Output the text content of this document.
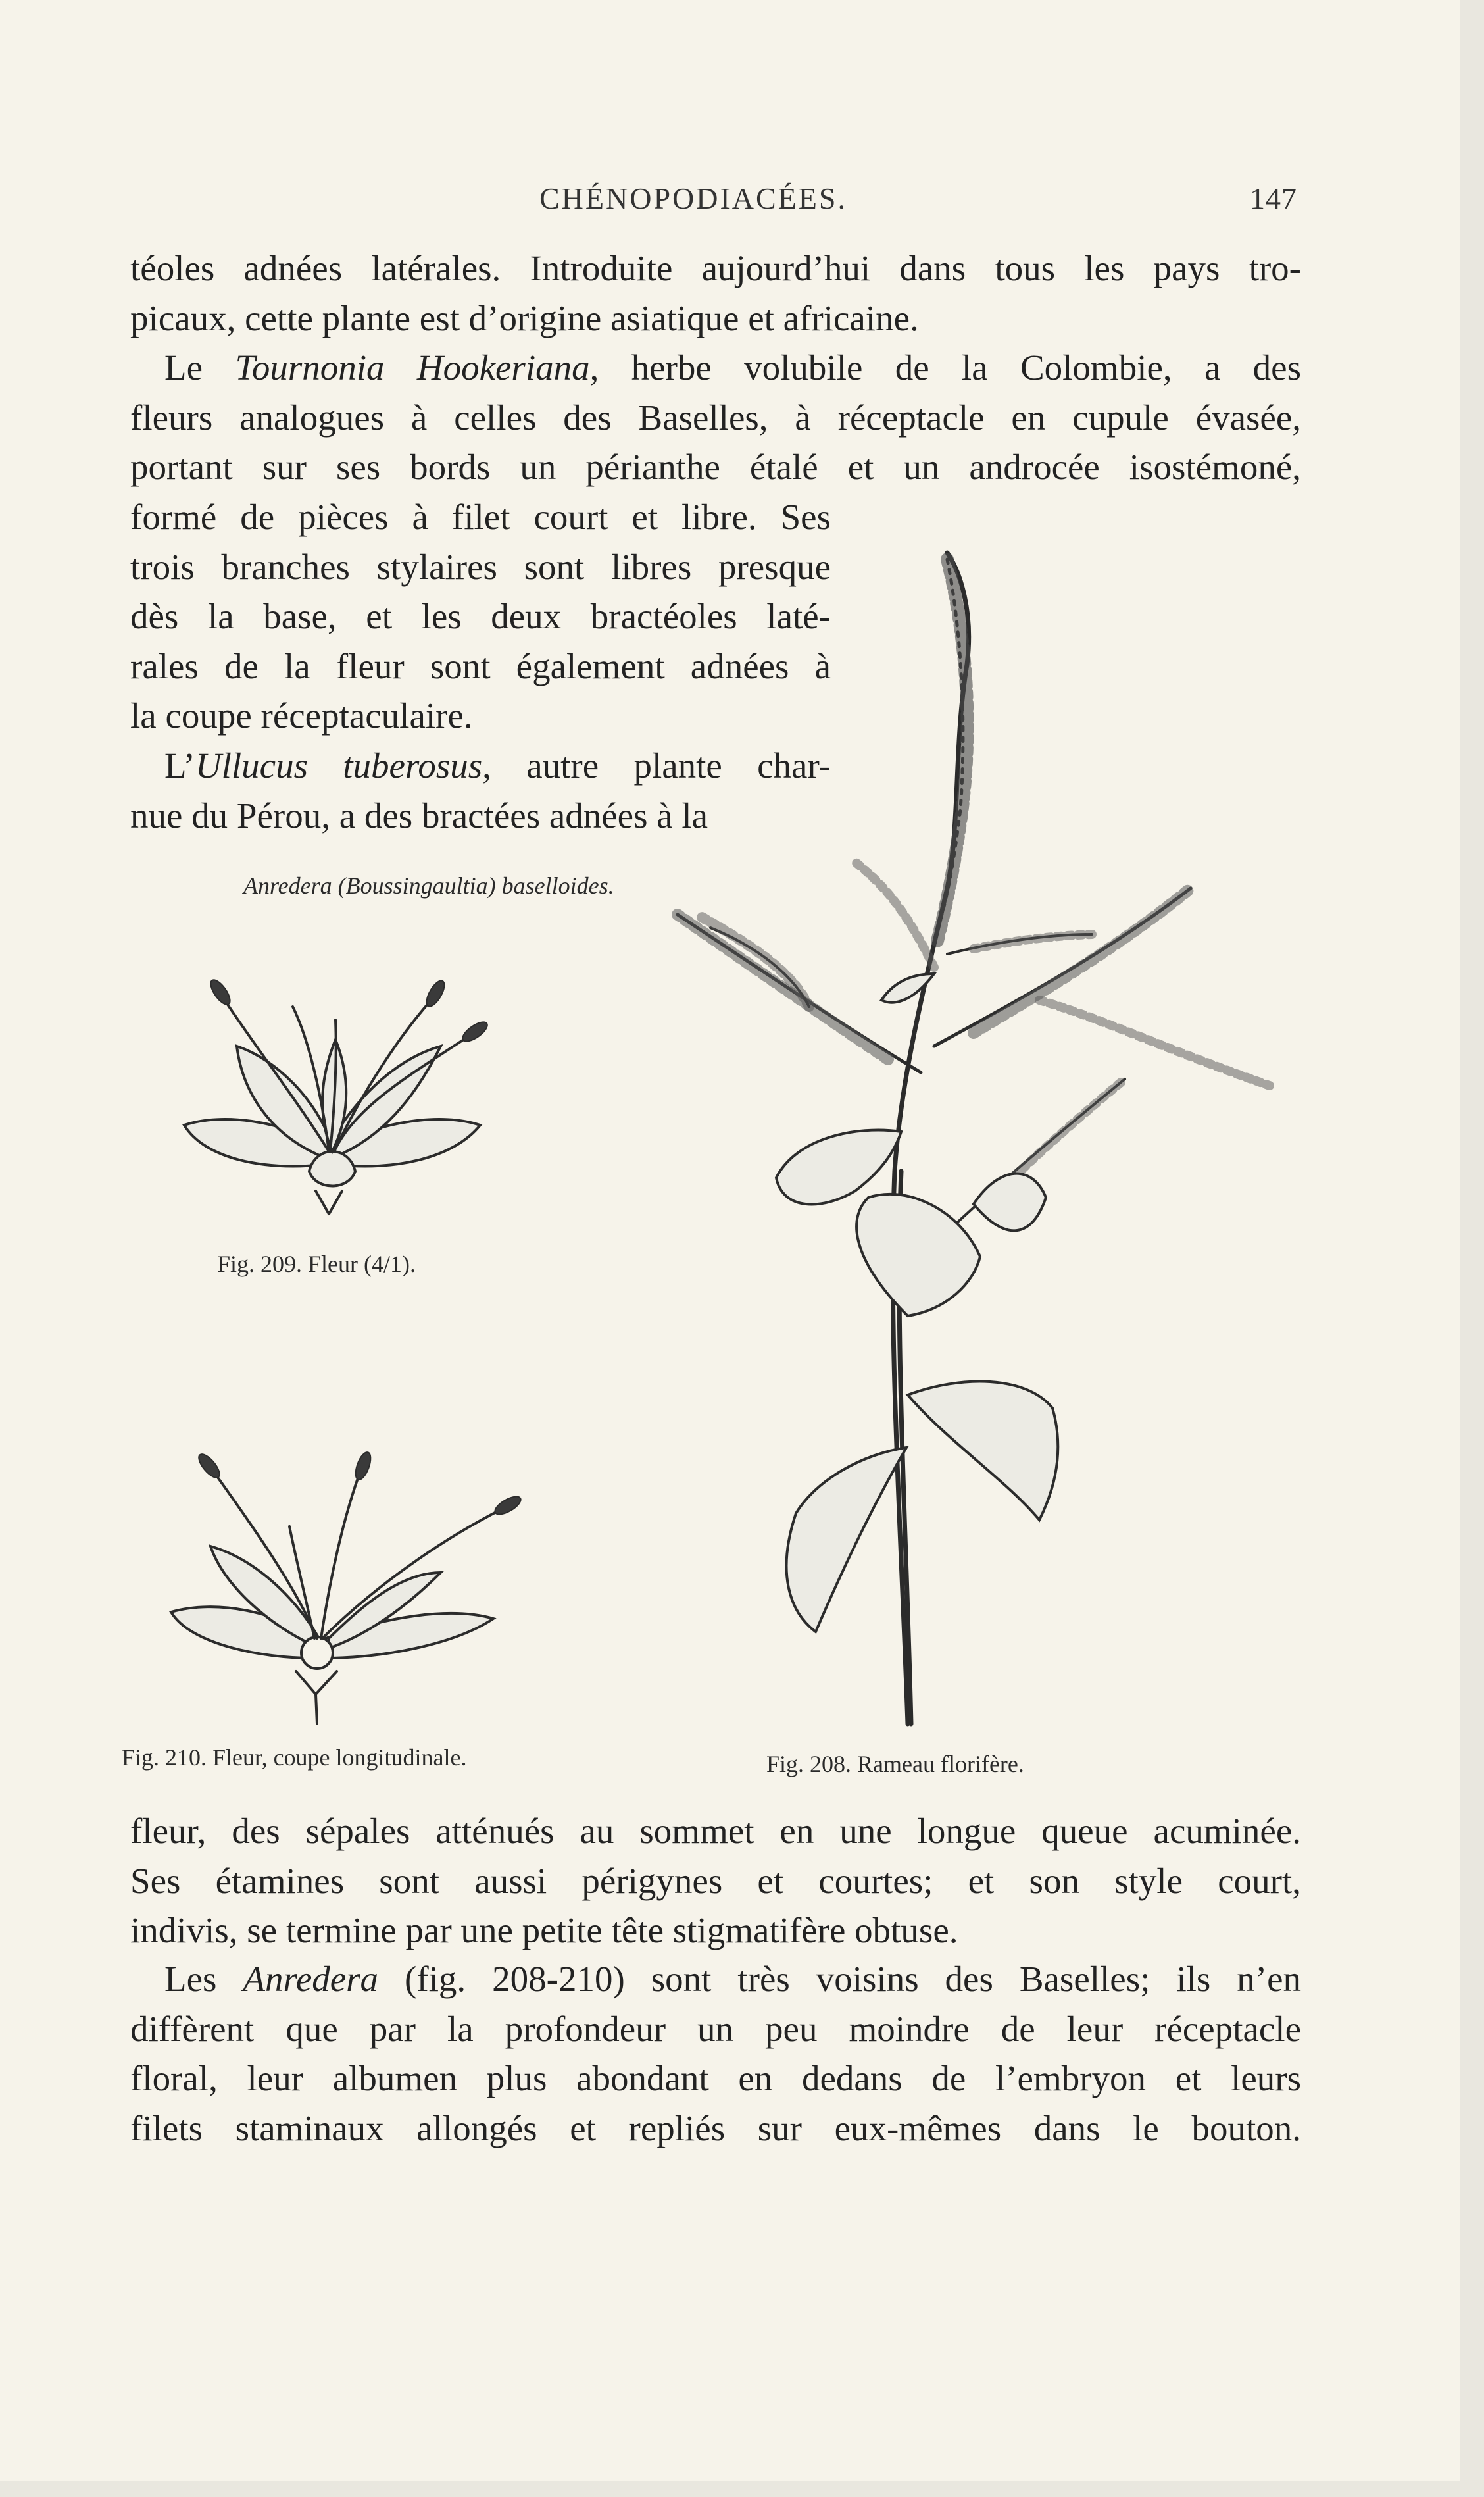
CHÉNOPODIACÉES.	147

téoles adnées latérales. Introduite aujourd’hui dans tous les pays tro-
picaux, cette plante est d’origine asiatique et africaine.

Le Tournonia Hookeriana, herbe volubile de la Colombie, a des
fleurs analogues à celles des Baselles, à réceptacle en cupule évasée,
portant sur ses bords un périanthe étalé et un androcée isostémoné,

formé de pièces à filet court et libre. Ses
trois branches stylaires sont libres presque
dès la base, et les deux bractéoles laté-
rales de la fleur sont également adnées à
la coupe réceptaculaire.

L’Ullucus tuberosus, autre plante char-
nue du Pérou, a des bractées adnées à la

Anredera (Boussingaultia) baselloides.
Fig. 209. Fleur (4/1).
Fig. 210. Fleur, coupe longitudinale.	Fig. 208. Rameau florifère.

fleur, des sépales atténués au sommet en une longue queue acuminée.
Ses étamines sont aussi périgynes et courtes; et son style court,
indivis, se termine par une petite tête stigmatifère obtuse.

Les Anredera (fig. 208-210) sont très voisins des Baselles; ils n’en
diffèrent que par la profondeur un peu moindre de leur réceptacle
floral, leur albumen plus abondant en dedans de l’embryon et leurs
filets staminaux allongés et repliés sur eux-mêmes dans le bouton.
